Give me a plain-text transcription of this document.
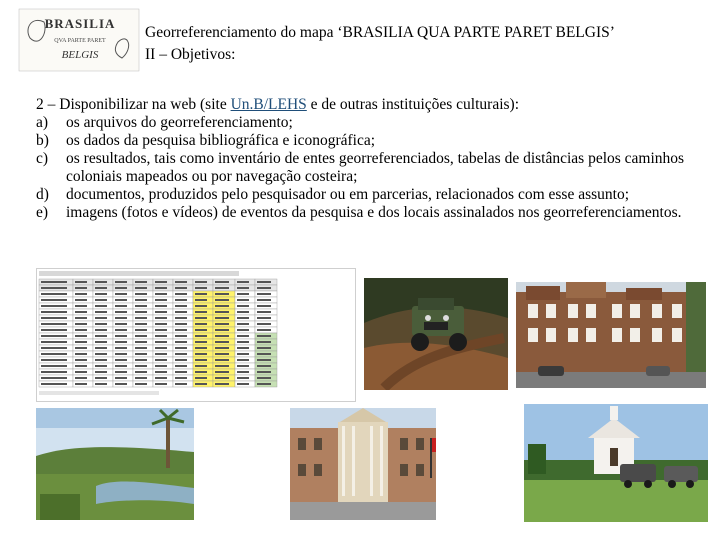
BRASILIA
QVA PARTE PARET
BELGIS
Georreferenciamento do mapa ‘BRASILIA QUA PARTE PARET BELGIS’
II – Objetivos:

2 – Disponibilizar na web (site Un.B/LEHS e de outras instituições culturais):

a) os arquivos do georreferenciamento;
b) os dados da pesquisa bibliográfica e iconográfica;
c) os resultados, tais como inventário de entes georreferenciados, tabelas de distâncias pelos caminhos coloniais mapeados ou por navegação costeira;
d) documentos, produzidos pelo pesquisador ou em parcerias, relacionados com esse assunto;
e) imagens (fotos e vídeos) de eventos da pesquisa e dos locais assinalados nos georreferenciamentos.
